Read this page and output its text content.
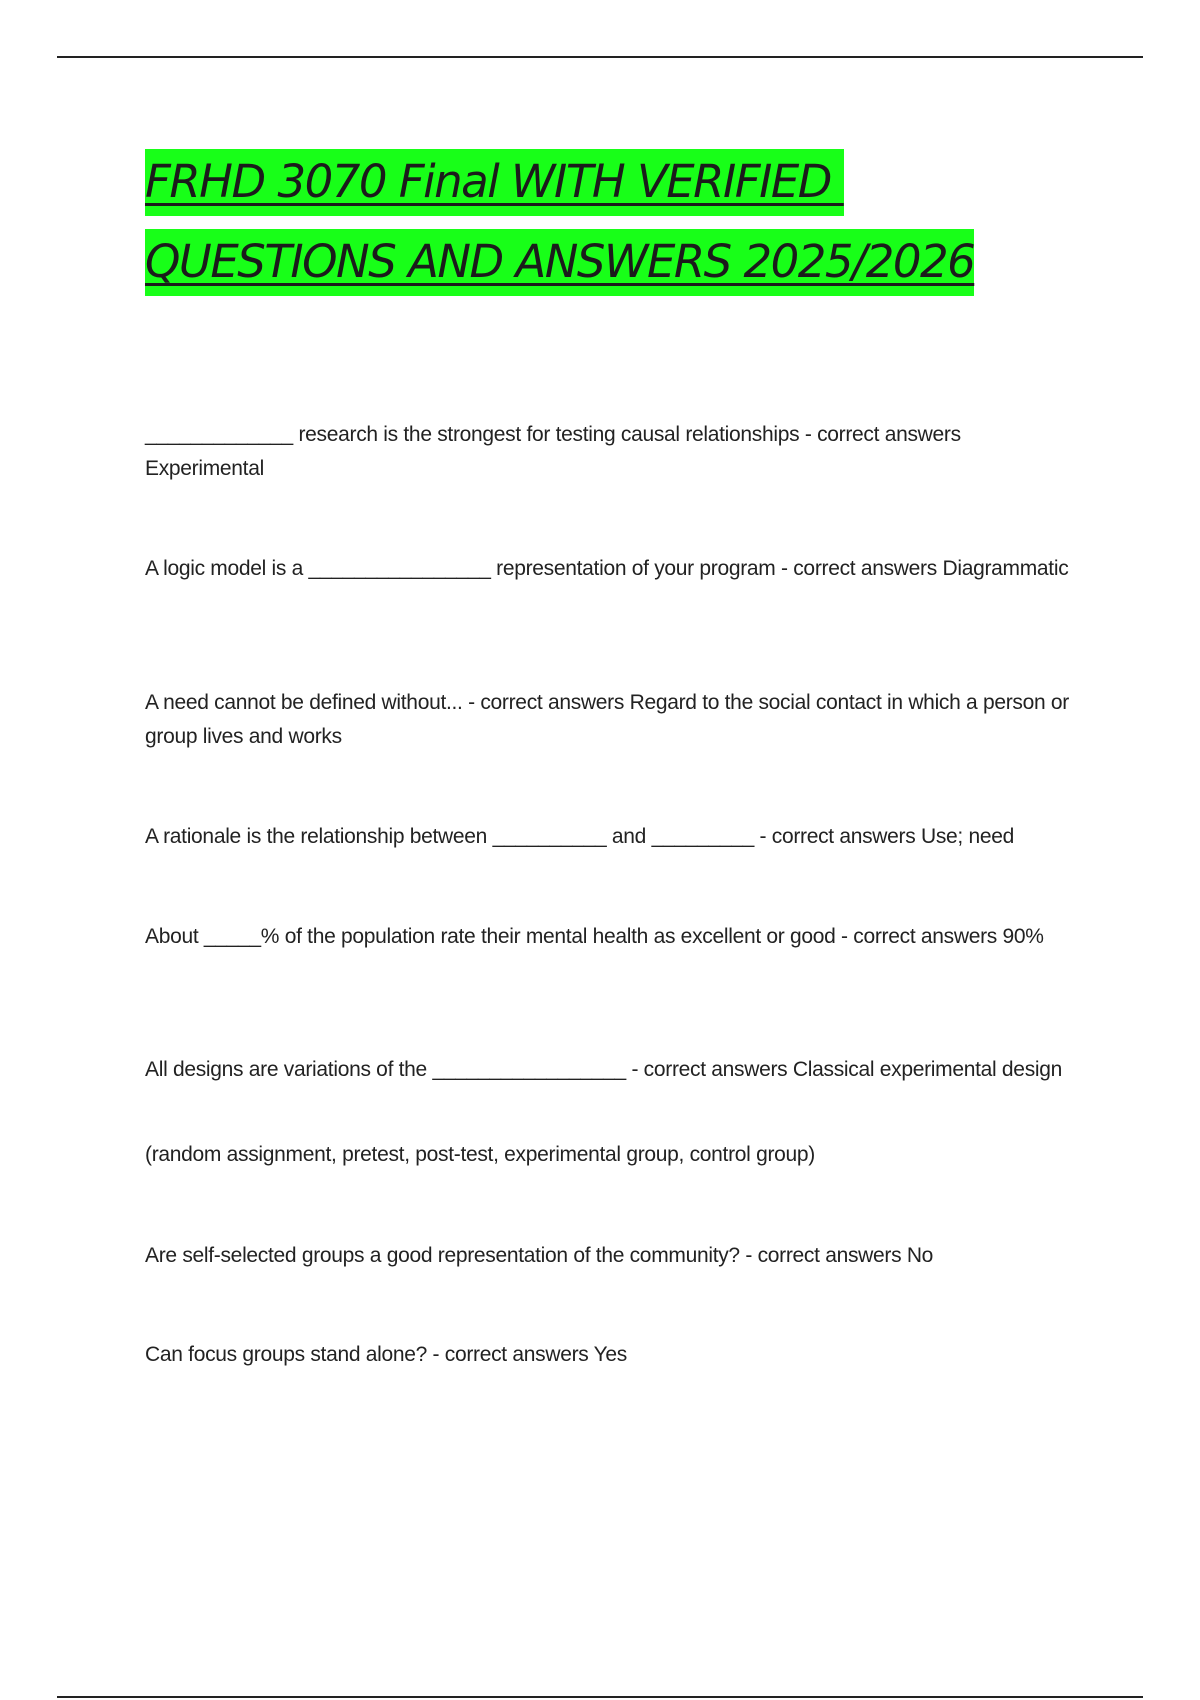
FRHD 3070 Final WITH VERIFIED
QUESTIONS AND ANSWERS 2025/2026

_____________ research is the strongest for testing causal relationships - correct answers Experimental

A logic model is a ________________ representation of your program - correct answers Diagrammatic

A need cannot be defined without... - correct answers Regard to the social contact in which a person or group lives and works

A rationale is the relationship between __________ and _________ - correct answers Use; need

About _____% of the population rate their mental health as excellent or good - correct answers 90%

All designs are variations of the _________________ - correct answers Classical experimental design

(random assignment, pretest, post-test, experimental group, control group)

Are self-selected groups a good representation of the community? - correct answers No

Can focus groups stand alone? - correct answers Yes
